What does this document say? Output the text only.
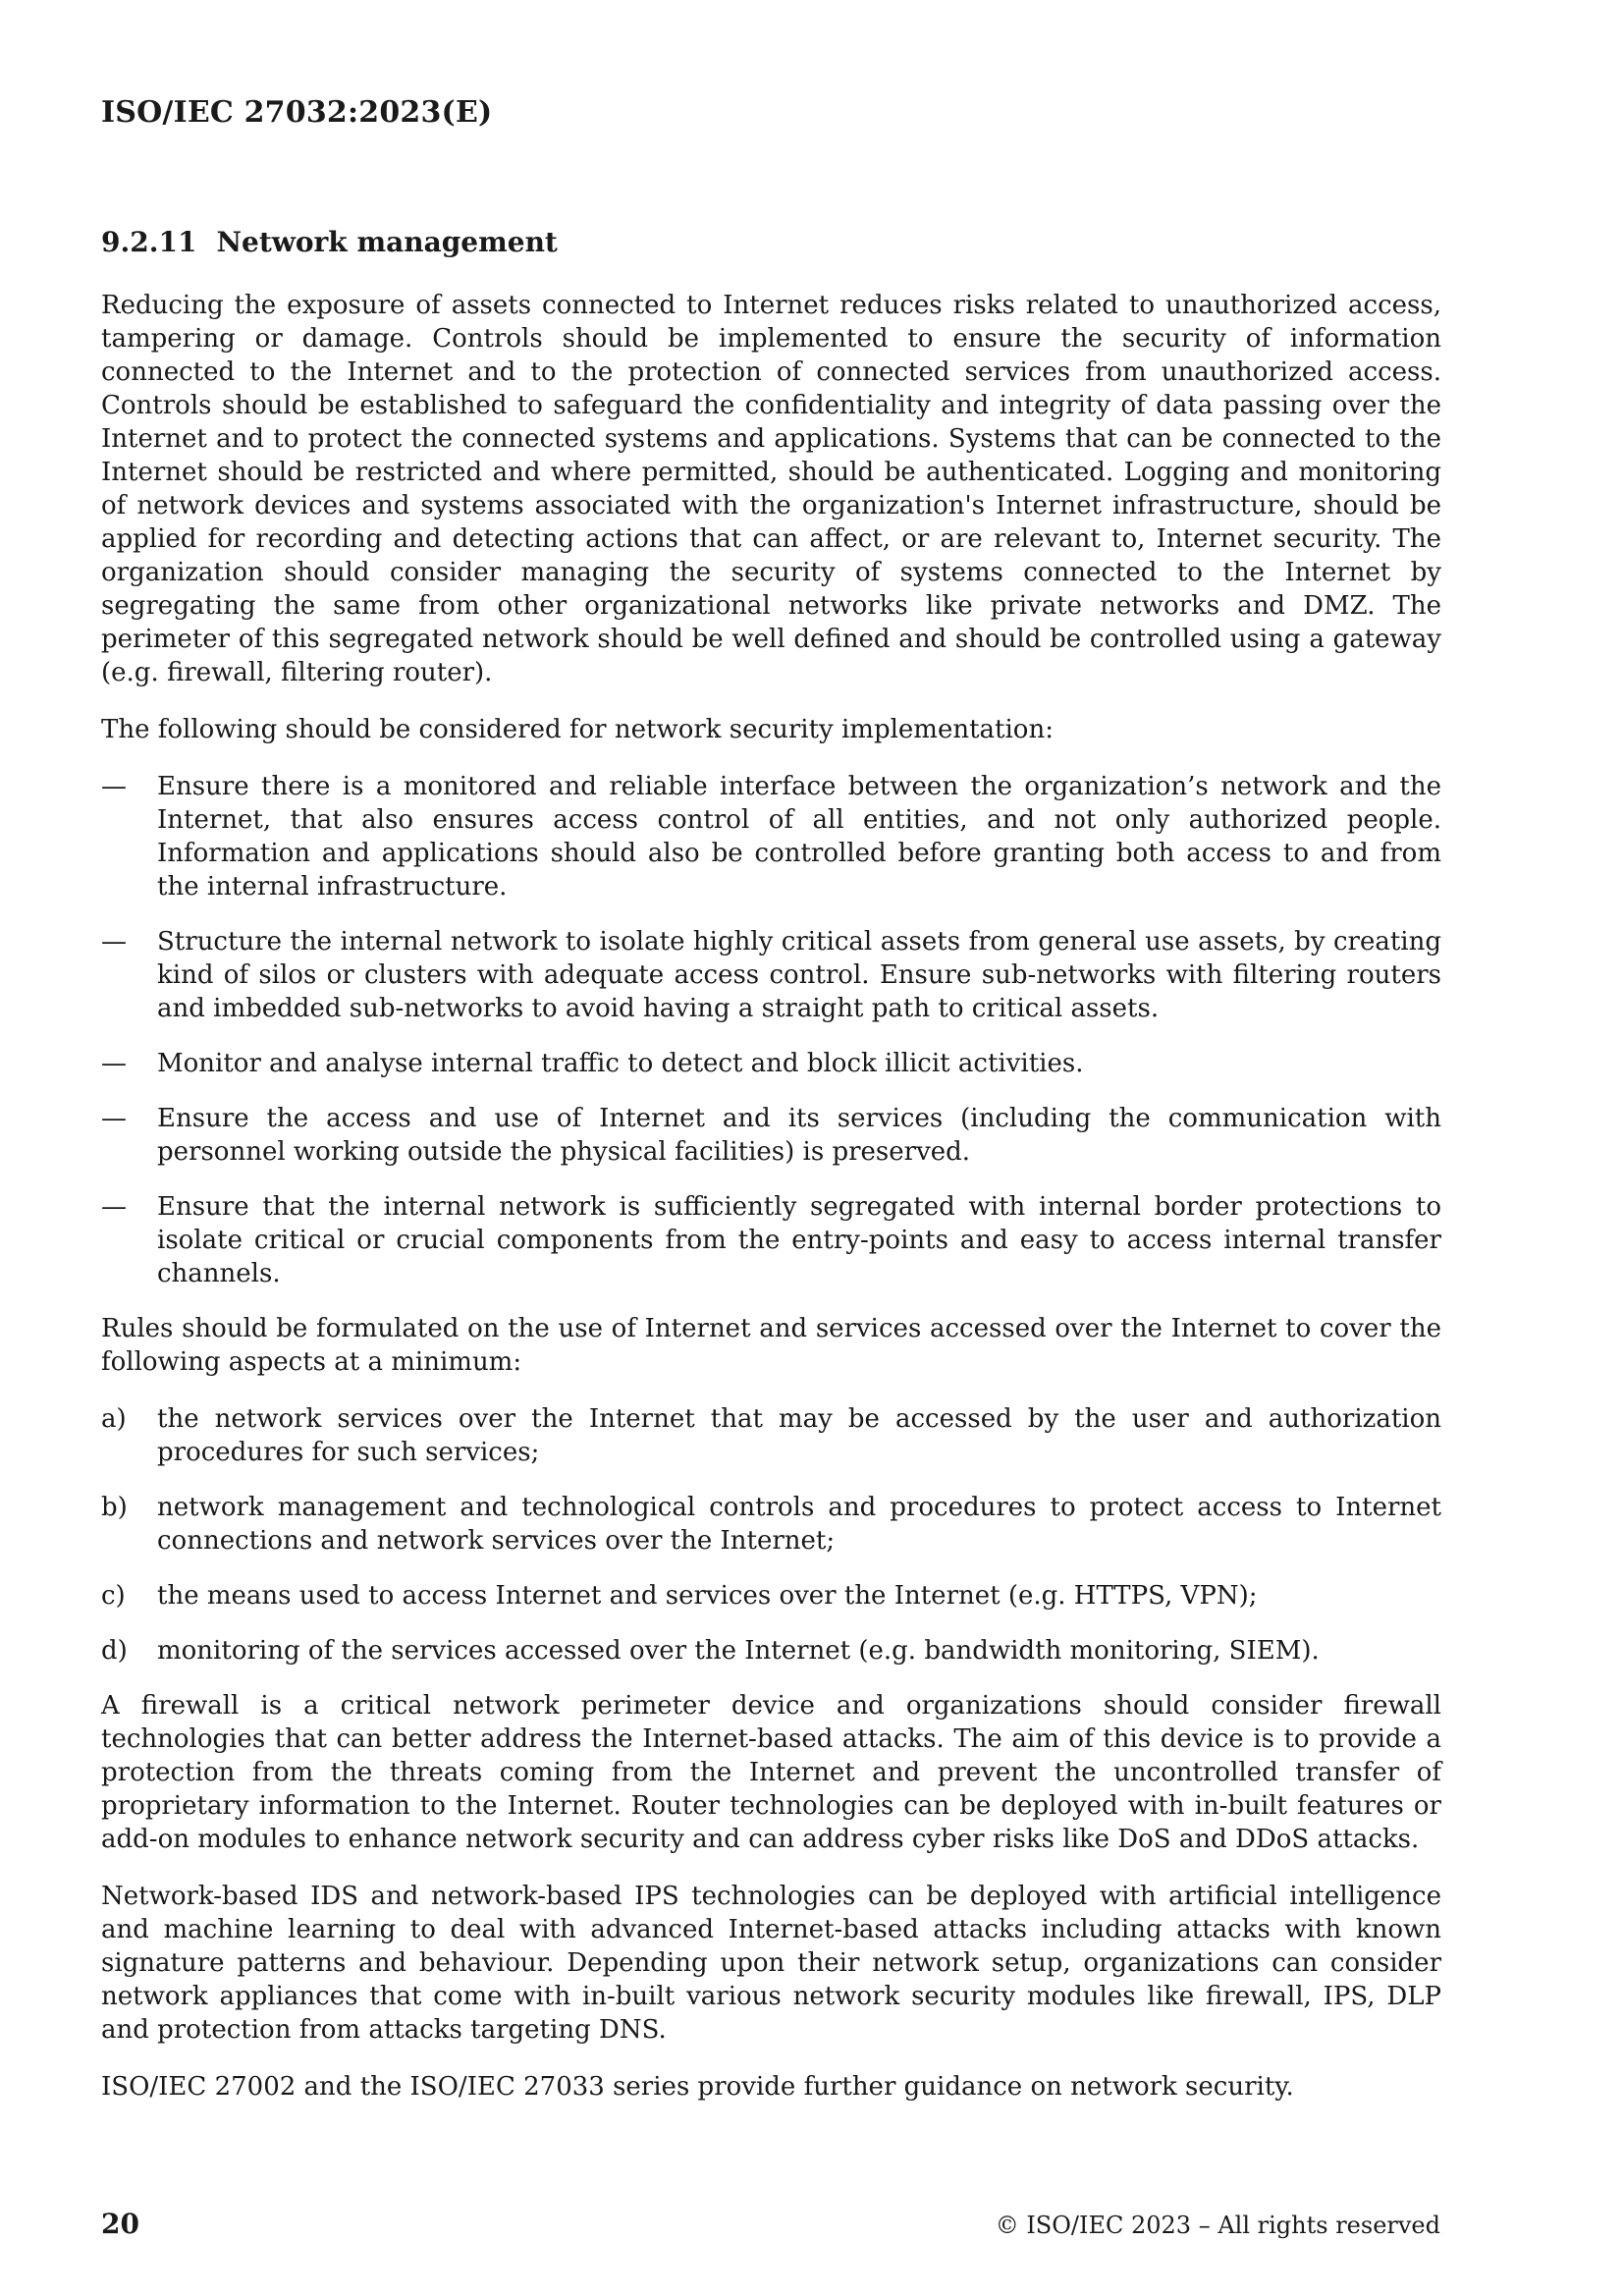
ISO/IEC 27032:2023(E)
9.2.11 Network management

Reducing the exposure of assets connected to Internet reduces risks related to unauthorized access, tampering or damage. Controls should be implemented to ensure the security of information connected to the Internet and to the protection of connected services from unauthorized access. Controls should be established to safeguard the confidentiality and integrity of data passing over the Internet and to protect the connected systems and applications. Systems that can be connected to the Internet should be restricted and where permitted, should be authenticated. Logging and monitoring of network devices and systems associated with the organization's Internet infrastructure, should be applied for recording and detecting actions that can affect, or are relevant to, Internet security. The organization should consider managing the security of systems connected to the Internet by segregating the same from other organizational networks like private networks and DMZ. The perimeter of this segregated network should be well defined and should be controlled using a gateway (e.g. firewall, filtering router).

The following should be considered for network security implementation:

— Ensure there is a monitored and reliable interface between the organization’s network and the Internet, that also ensures access control of all entities, and not only authorized people. Information and applications should also be controlled before granting both access to and from the internal infrastructure.
— Structure the internal network to isolate highly critical assets from general use assets, by creating kind of silos or clusters with adequate access control. Ensure sub-networks with filtering routers and imbedded sub-networks to avoid having a straight path to critical assets.
— Monitor and analyse internal traffic to detect and block illicit activities.
— Ensure the access and use of Internet and its services (including the communication with personnel working outside the physical facilities) is preserved.
— Ensure that the internal network is sufficiently segregated with internal border protections to isolate critical or crucial components from the entry-points and easy to access internal transfer channels.

Rules should be formulated on the use of Internet and services accessed over the Internet to cover the following aspects at a minimum:

a) the network services over the Internet that may be accessed by the user and authorization procedures for such services;
b) network management and technological controls and procedures to protect access to Internet connections and network services over the Internet;
c) the means used to access Internet and services over the Internet (e.g. HTTPS, VPN);
d) monitoring of the services accessed over the Internet (e.g. bandwidth monitoring, SIEM).

A firewall is a critical network perimeter device and organizations should consider firewall technologies that can better address the Internet-based attacks. The aim of this device is to provide a protection from the threats coming from the Internet and prevent the uncontrolled transfer of proprietary information to the Internet. Router technologies can be deployed with in-built features or add-on modules to enhance network security and can address cyber risks like DoS and DDoS attacks.

Network-based IDS and network-based IPS technologies can be deployed with artificial intelligence and machine learning to deal with advanced Internet-based attacks including attacks with known signature patterns and behaviour. Depending upon their network setup, organizations can consider network appliances that come with in-built various network security modules like firewall, IPS, DLP and protection from attacks targeting DNS.

ISO/IEC 27002 and the ISO/IEC 27033 series provide further guidance on network security.

20	© ISO/IEC 2023 – All rights reserved
